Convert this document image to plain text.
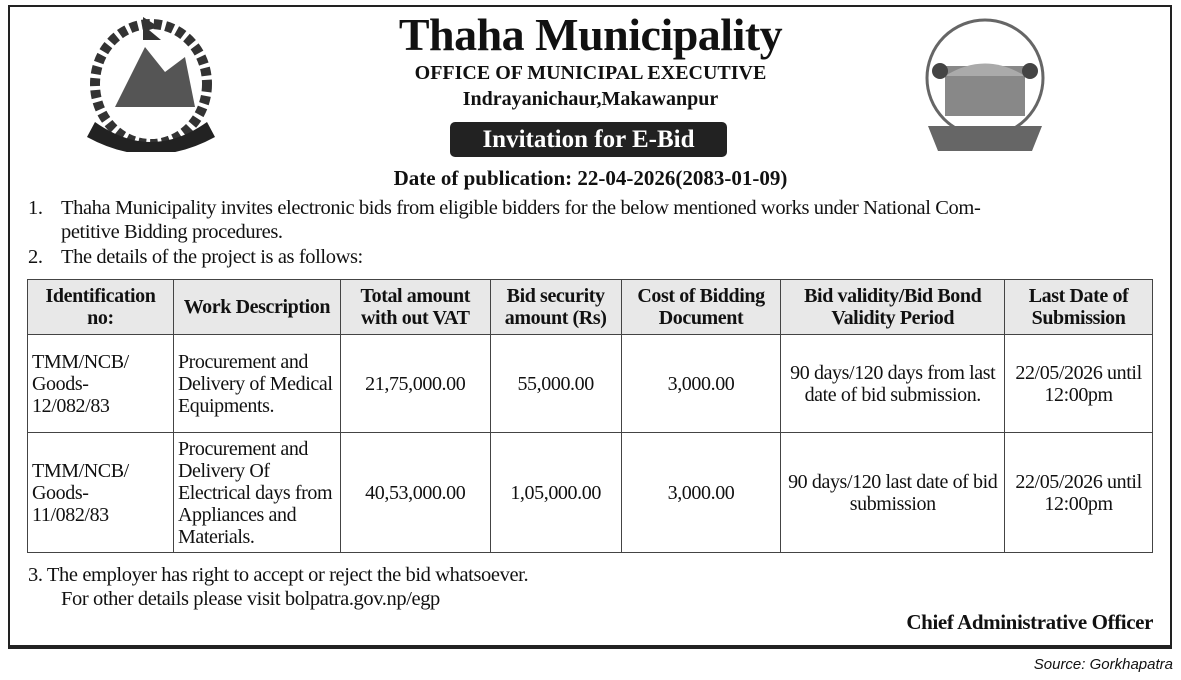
Thaha Municipality
OFFICE OF MUNICIPAL EXECUTIVE
Indrayanichaur,Makawanpur
Invitation for E-Bid
Date of publication: 22-04-2026(2083-01-09)
1. Thaha Municipality invites electronic bids from eligible bidders for the below mentioned works under National Com-
petitive Bidding procedures.
2. The details of the project is as follows:
Identification no:	Work Description	Total amount with out VAT	Bid security amount (Rs)	Cost of Bidding Document	Bid validity/Bid Bond Validity Period	Last Date of Submission
TMM/NCB/ Goods- 12/082/83	Procurement and Delivery of Medical Equipments.	21,75,000.00	55,000.00	3,000.00	90 days/120 days from last date of bid submission.	22/05/2026 until 12:00pm
TMM/NCB/ Goods- 11/082/83	Procurement and Delivery Of Electrical days from Appliances and Materials.	40,53,000.00	1,05,000.00	3,000.00	90 days/120 last date of bid submission	22/05/2026 until 12:00pm
3. The employer has right to accept or reject the bid whatsoever.
For other details please visit bolpatra.gov.np/egp
Chief Administrative Officer
Source: Gorkhapatra
